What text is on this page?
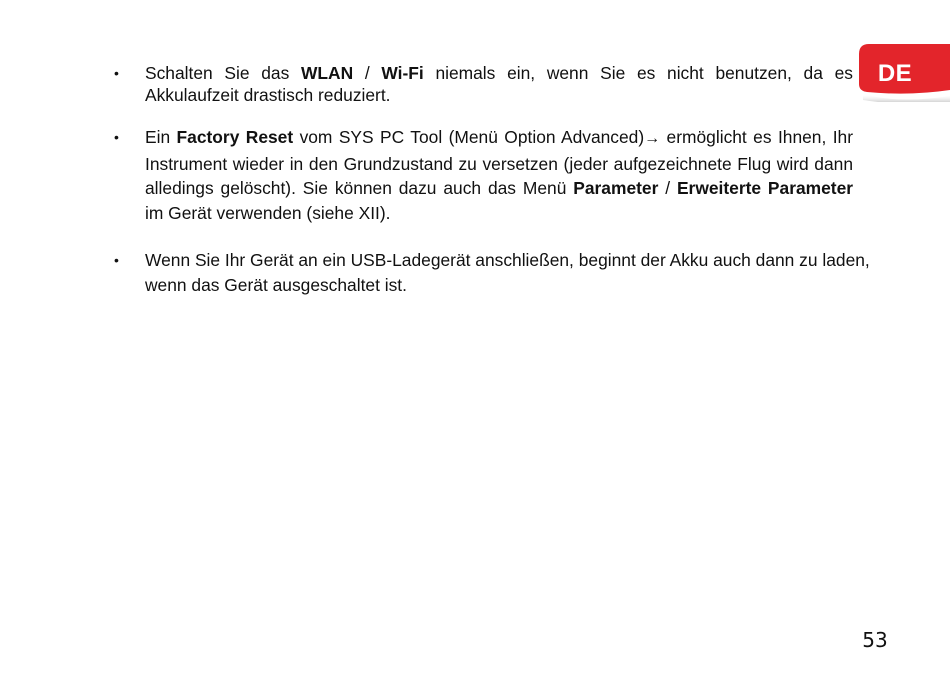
DE
• Schalten Sie das WLAN / Wi-Fi niemals ein, wenn Sie es nicht benutzen, da es Akkulaufzeit drastisch reduziert.

• Ein Factory Reset vom SYS PC Tool (Menü Option Advanced)→ ermöglicht es Ihnen, Ihr Instrument wieder in den Grundzustand zu versetzen (jeder aufgezeichnete Flug wird dann alledings gelöscht). Sie können dazu auch das Menü Parameter / Erweiterte Parameter im Gerät verwenden (siehe XII).

• Wenn Sie Ihr Gerät an ein USB-Ladegerät anschließen, beginnt der Akku auch dann zu laden, wenn das Gerät ausgeschaltet ist.

53
